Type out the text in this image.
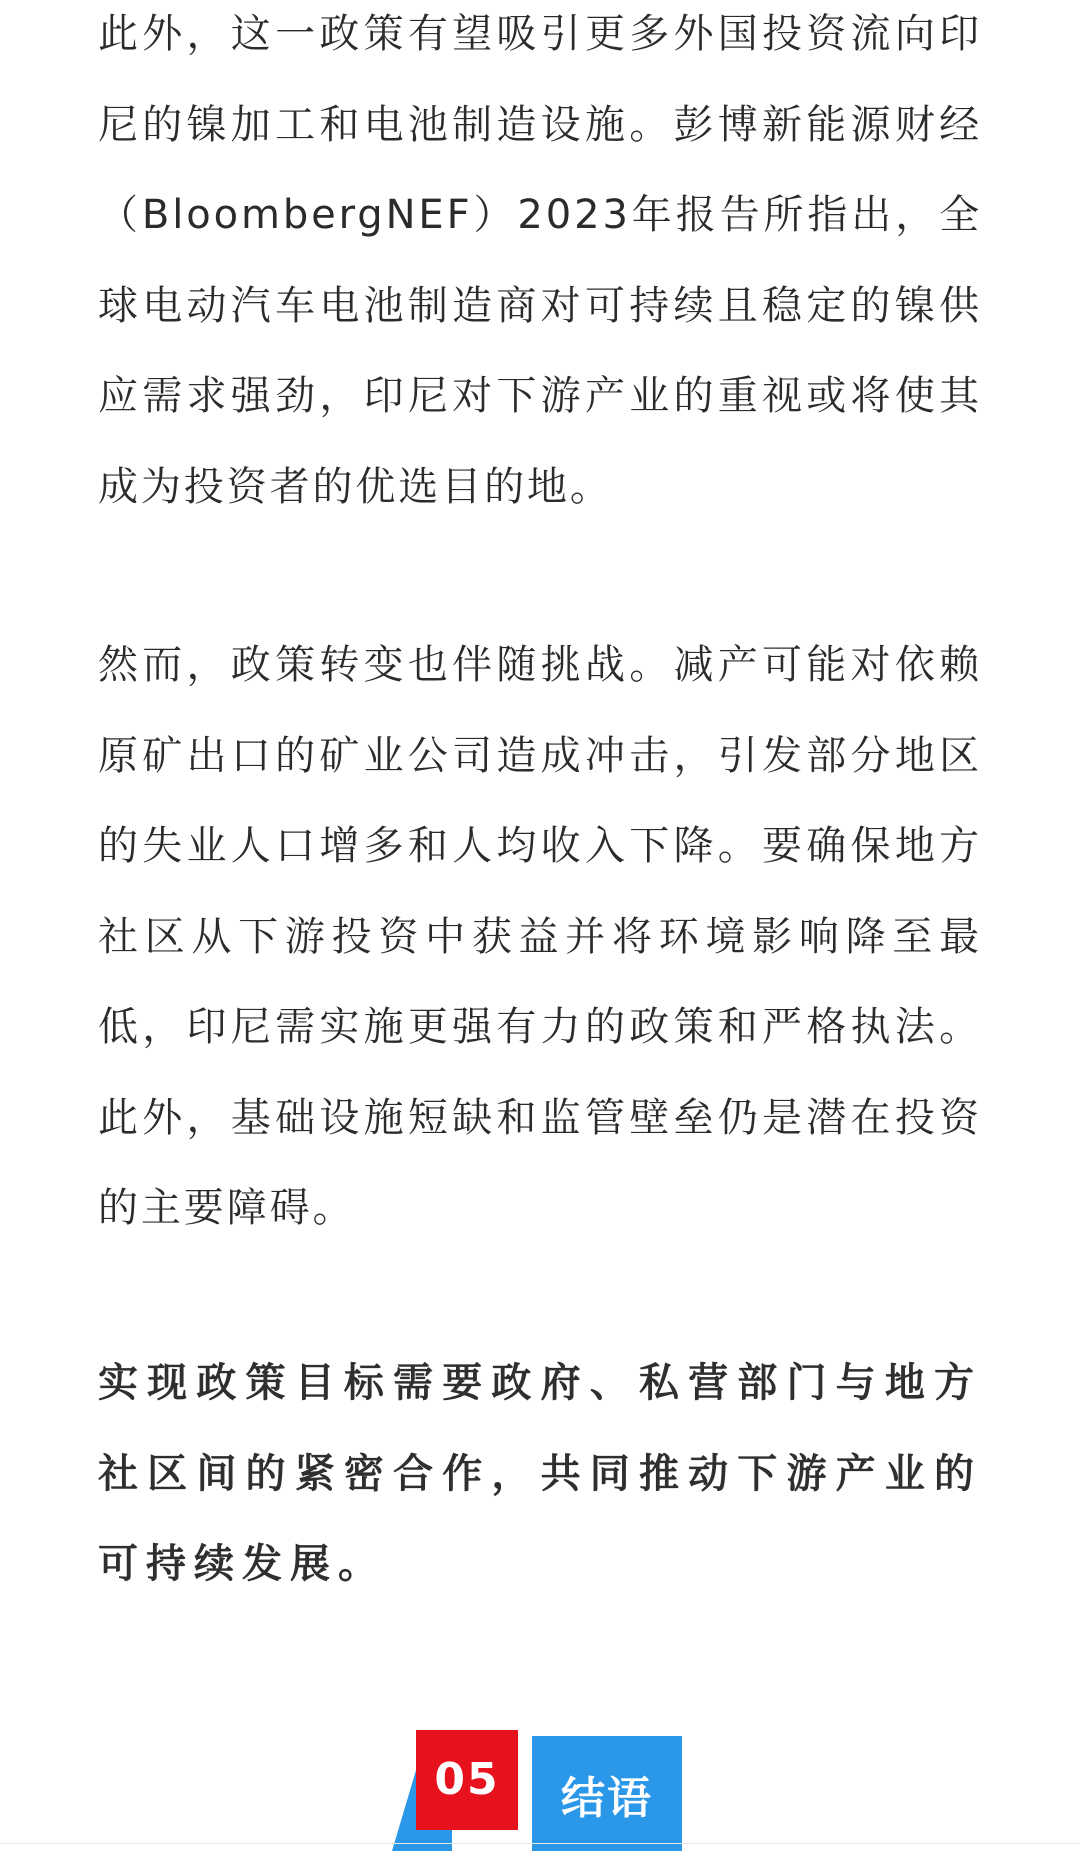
此外，这一政策有望吸引更多外国投资流向印尼的镍加工和电池制造设施。彭博新能源财经（BloombergNEF）2023年报告所指出，全球电动汽车电池制造商对可持续且稳定的镍供应需求强劲，印尼对下游产业的重视或将使其成为投资者的优选目的地。

然而，政策转变也伴随挑战。减产可能对依赖原矿出口的矿业公司造成冲击，引发部分地区的失业人口增多和人均收入下降。要确保地方社区从下游投资中获益并将环境影响降至最低，印尼需实施更强有力的政策和严格执法。此外，基础设施短缺和监管壁垒仍是潜在投资的主要障碍。

实现政策目标需要政府、私营部门与地方社区间的紧密合作，共同推动下游产业的可持续发展。

05	结语
